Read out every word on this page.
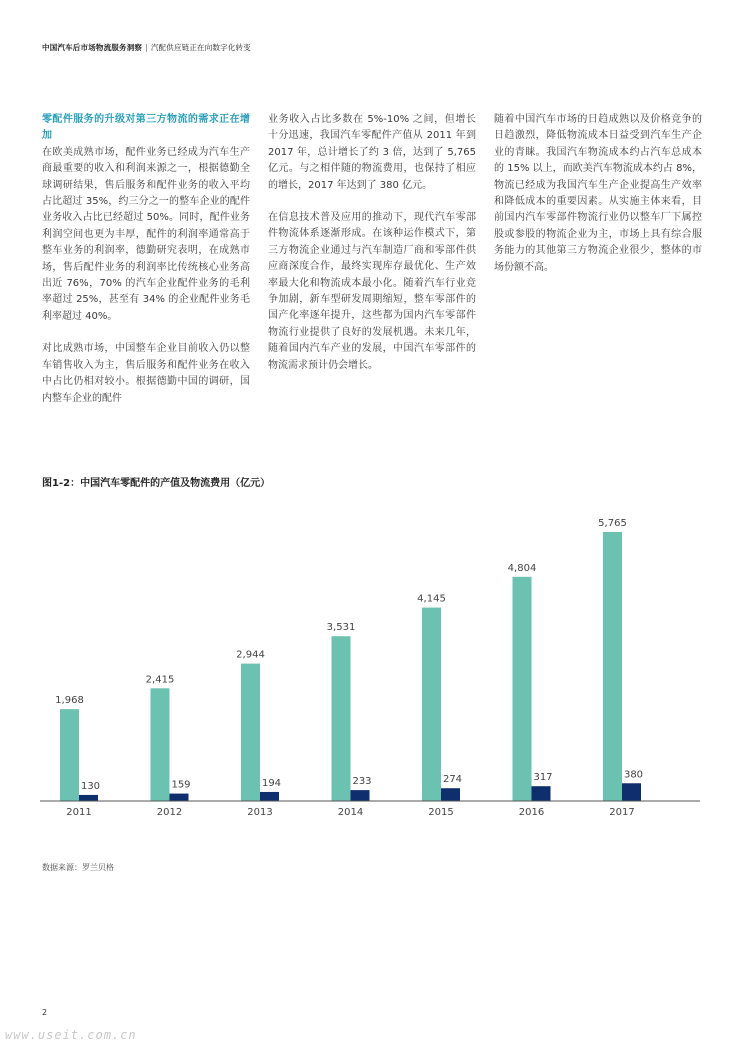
中国汽车后市场物流服务洞察 | 汽配供应链正在向数字化转变
零配件服务的升级对第三方物流的需求正在增加

在欧美成熟市场，配件业务已经成为汽车生产商最重要的收入和利润来源之一，根据德勤全球调研结果，售后服务和配件业务的收入平均占比超过 35%，约三分之一的整车企业的配件业务收入占比已经超过 50%。同时，配件业务利润空间也更为丰厚，配件的利润率通常高于整车业务的利润率，德勤研究表明，在成熟市场，售后配件业务的利润率比传统核心业务高出近 76%，70% 的汽车企业配件业务的毛利率超过 25%，甚至有 34% 的企业配件业务毛利率超过 40%。

对比成熟市场，中国整车企业目前收入仍以整车销售收入为主，售后服务和配件业务在收入中占比仍相对较小。根据德勤中国的调研，国内整车企业的配件

业务收入占比多数在 5%-10% 之间，但增长十分迅速，我国汽车零配件产值从 2011 年到 2017 年，总计增长了约 3 倍，达到了 5,765 亿元。与之相伴随的物流费用，也保持了相应的增长，2017 年达到了 380 亿元。

在信息技术普及应用的推动下，现代汽车零部件物流体系逐渐形成。在该种运作模式下，第三方物流企业通过与汽车制造厂商和零部件供应商深度合作，最终实现库存最优化、生产效率最大化和物流成本最小化。随着汽车行业竞争加剧，新车型研发周期缩短，整车零部件的国产化率逐年提升，这些都为国内汽车零部件物流行业提供了良好的发展机遇。未来几年，随着国内汽车产业的发展，中国汽车零部件的物流需求预计仍会增长。

随着中国汽车市场的日趋成熟以及价格竞争的日趋激烈，降低物流成本日益受到汽车生产企业的青睐。我国汽车物流成本约占汽车总成本的 15% 以上，而欧美汽车物流成本约占 8%，物流已经成为我国汽车生产企业提高生产效率和降低成本的重要因素。从实施主体来看，目前国内汽车零部件物流行业仍以整车厂下属控股或参股的物流企业为主，市场上具有综合服务能力的其他第三方物流企业很少，整体的市场份额不高。

图1-2：中国汽车零配件的产值及物流费用（亿元）
1,968
130
2011
2,415
159
2012
2,944
194
2013
3,531
233
2014
4,145
274
2015
4,804
317
2016
5,765
380
2017
数据来源：罗兰贝格
2
www.useit.com.cn
